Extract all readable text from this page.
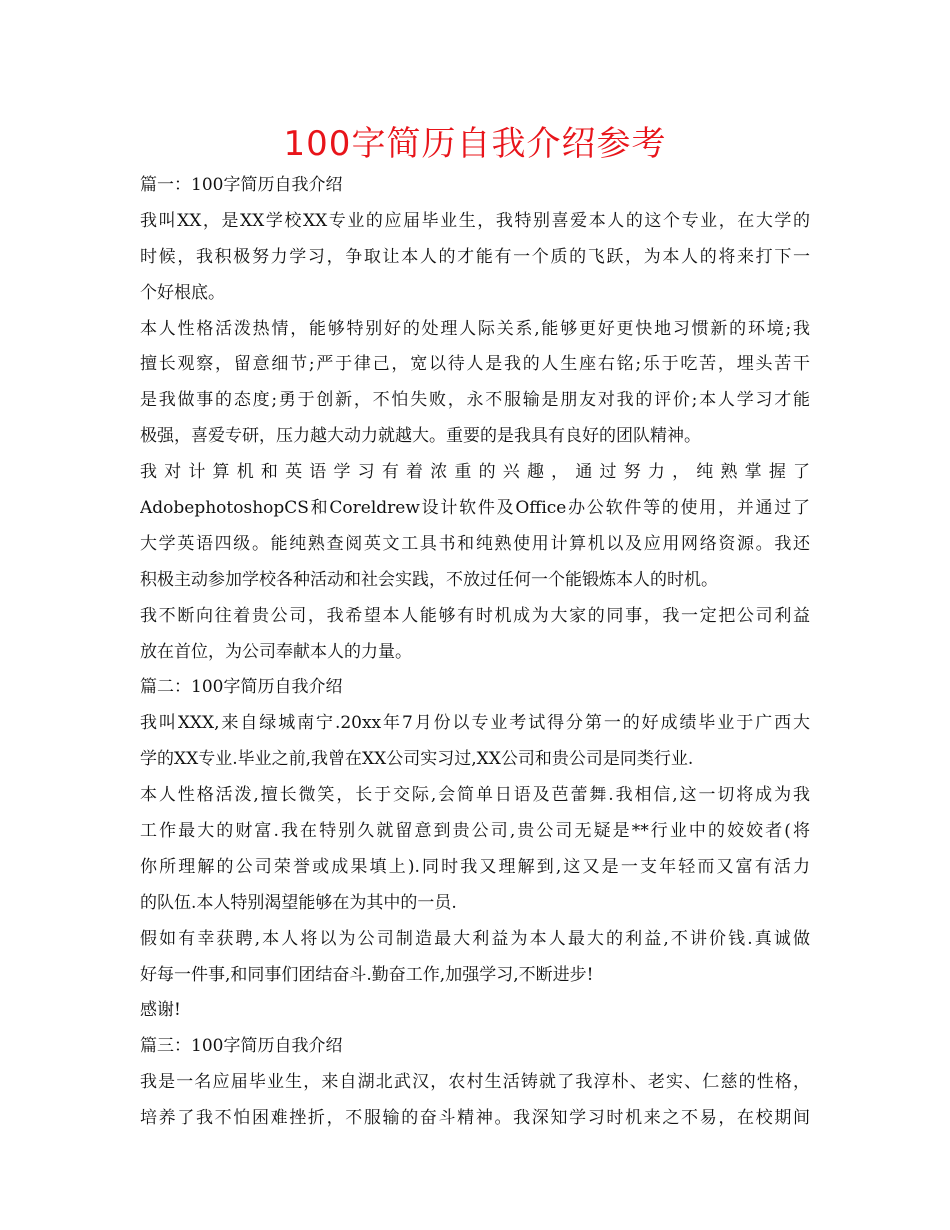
100字简历自我介绍参考
篇一：100字简历自我介绍
我叫XX，是XX学校XX专业的应届毕业生，我特别喜爱本人的这个专业，在大学的
时候，我积极努力学习，争取让本人的才能有一个质的飞跃，为本人的将来打下一
个好根底。
本人性格活泼热情，能够特别好的处理人际关系,能够更好更快地习惯新的环境;我
擅长观察，留意细节;严于律己，宽以待人是我的人生座右铭;乐于吃苦，埋头苦干
是我做事的态度;勇于创新，不怕失败，永不服输是朋友对我的评价;本人学习才能
极强，喜爱专研，压力越大动力就越大。重要的是我具有良好的团队精神。
我对计算机和英语学习有着浓重的兴趣，通过努力，纯熟掌握了
AdobephotoshopCS和Coreldrew设计软件及Office办公软件等的使用，并通过了
大学英语四级。能纯熟查阅英文工具书和纯熟使用计算机以及应用网络资源。我还
积极主动参加学校各种活动和社会实践，不放过任何一个能锻炼本人的时机。
我不断向往着贵公司，我希望本人能够有时机成为大家的同事，我一定把公司利益
放在首位，为公司奉献本人的力量。
篇二：100字简历自我介绍
我叫XXX,来自绿城南宁.20xx年7月份以专业考试得分第一的好成绩毕业于广西大
学的XX专业.毕业之前,我曾在XX公司实习过,XX公司和贵公司是同类行业.
本人性格活泼,擅长微笑，长于交际,会简单日语及芭蕾舞.我相信,这一切将成为我
工作最大的财富.我在特别久就留意到贵公司,贵公司无疑是**行业中的姣姣者(将
你所理解的公司荣誉或成果填上).同时我又理解到,这又是一支年轻而又富有活力
的队伍.本人特别渴望能够在为其中的一员.
假如有幸获聘,本人将以为公司制造最大利益为本人最大的利益,不讲价钱.真诚做
好每一件事,和同事们团结奋斗.勤奋工作,加强学习,不断进步!
感谢!
篇三：100字简历自我介绍
我是一名应届毕业生，来自湖北武汉，农村生活铸就了我淳朴、老实、仁慈的性格，
培养了我不怕困难挫折，不服输的奋斗精神。我深知学习时机来之不易，在校期间
